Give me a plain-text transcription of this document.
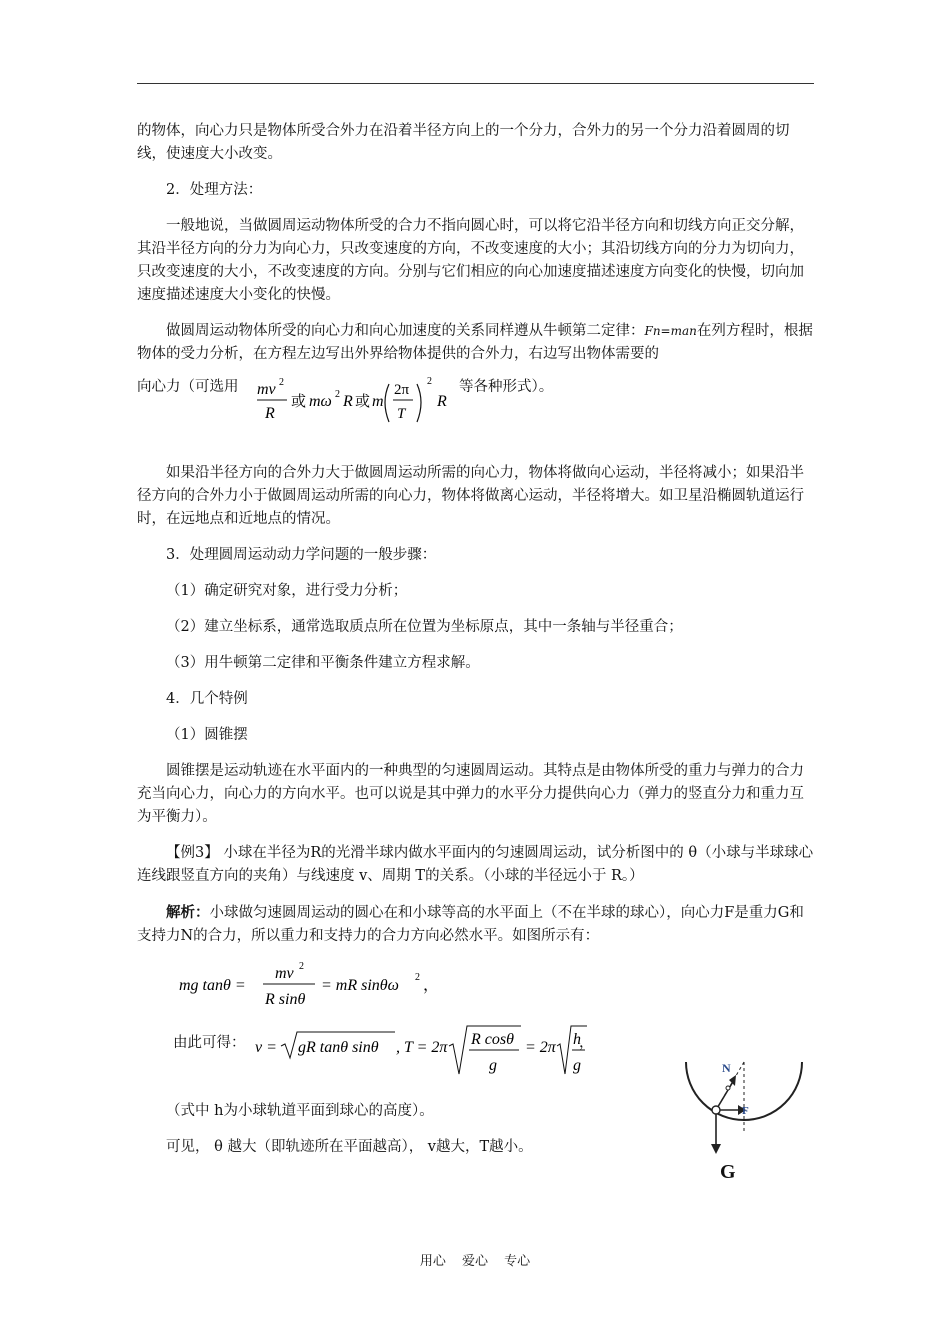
的物体，向心力只是物体所受合外力在沿着半径方向上的一个分力，合外力的另一个分力沿着圆周的切线，使速度大小改变。

2．处理方法：

一般地说，当做圆周运动物体所受的合力不指向圆心时，可以将它沿半径方向和切线方向正交分解，其沿半径方向的分力为向心力，只改变速度的方向，不改变速度的大小；其沿切线方向的分力为切向力，只改变速度的大小，不改变速度的方向。分别与它们相应的向心加速度描述速度方向变化的快慢，切向加速度描述速度大小变化的快慢。

做圆周运动物体所受的向心力和向心加速度的关系同样遵从牛顿第二定律：Fn=man在列方程时，根据物体的受力分析，在方程左边写出外界给物体提供的合外力，右边写出物体需要的

向心力（可选用 mv 2
R
或 mω 2 R 或 m
2π
T
2
R
等各种形式）。

如果沿半径方向的合外力大于做圆周运动所需的向心力，物体将做向心运动，半径将减小；如果沿半径方向的合外力小于做圆周运动所需的向心力，物体将做离心运动，半径将增大。如卫星沿椭圆轨道运行时，在远地点和近地点的情况。

3．处理圆周运动动力学问题的一般步骤：

（1）确定研究对象，进行受力分析；

（2）建立坐标系，通常选取质点所在位置为坐标原点，其中一条轴与半径重合；

（3）用牛顿第二定律和平衡条件建立方程求解。

4．几个特例

（1）圆锥摆

圆锥摆是运动轨迹在水平面内的一种典型的匀速圆周运动。其特点是由物体所受的重力与弹力的合力充当向心力，向心力的方向水平。也可以说是其中弹力的水平分力提供向心力（弹力的竖直分力和重力互为平衡力）。

【例3】 小球在半径为R的光滑半球内做水平面内的匀速圆周运动，试分析图中的 θ（小球与半球球心连线跟竖直方向的夹角）与线速度 v、周期 T的关系。（小球的半径远小于 R。）

解析：小球做匀速圆周运动的圆心在和小球等高的水平面上（不在半球的球心），向心力F是重力G和支持力N的合力，所以重力和支持力的合力方向必然水平。如图所示有：

mg tanθ =
mv 2
R sinθ
= mR sinθω 2 ，
由此可得： v = gR tanθ sinθ , T = 2π R cosθ
g
= 2π h
g
，

（式中 h为小球轨道平面到球心的高度）。

可见， θ 越大（即轨迹所在平面越高）， v越大，T越小。

N
F
G
用心 爱心 专心
